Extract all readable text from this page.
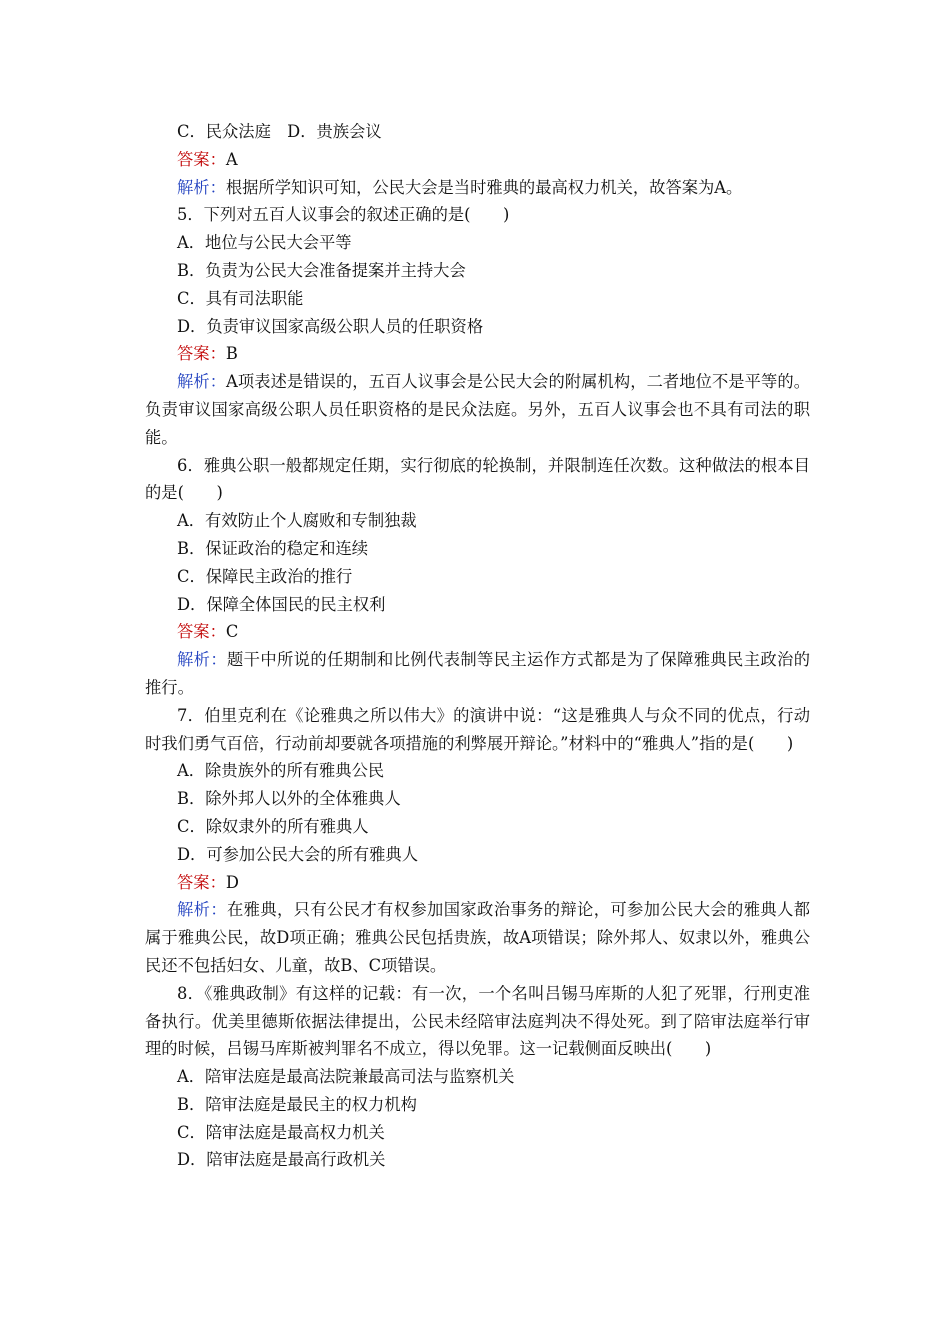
C．民众法庭　D．贵族会议
答案：A
解析：根据所学知识可知，公民大会是当时雅典的最高权力机关，故答案为A。
5．下列对五百人议事会的叙述正确的是(　　)
A．地位与公民大会平等
B．负责为公民大会准备提案并主持大会
C．具有司法职能
D．负责审议国家高级公职人员的任职资格
答案：B
解析：A项表述是错误的，五百人议事会是公民大会的附属机构，二者地位不是平等的。负责审议国家高级公职人员任职资格的是民众法庭。另外，五百人议事会也不具有司法的职能。
6．雅典公职一般都规定任期，实行彻底的轮换制，并限制连任次数。这种做法的根本目的是(　　)
A．有效防止个人腐败和专制独裁
B．保证政治的稳定和连续
C．保障民主政治的推行
D．保障全体国民的民主权利
答案：C
解析：题干中所说的任期制和比例代表制等民主运作方式都是为了保障雅典民主政治的推行。
7．伯里克利在《论雅典之所以伟大》的演讲中说：“这是雅典人与众不同的优点，行动时我们勇气百倍，行动前却要就各项措施的利弊展开辩论。”材料中的“雅典人”指的是(　　)
A．除贵族外的所有雅典公民
B．除外邦人以外的全体雅典人
C．除奴隶外的所有雅典人
D．可参加公民大会的所有雅典人
答案：D
解析：在雅典，只有公民才有权参加国家政治事务的辩论，可参加公民大会的雅典人都属于雅典公民，故D项正确；雅典公民包括贵族，故A项错误；除外邦人、奴隶以外，雅典公民还不包括妇女、儿童，故B、C项错误。
8．《雅典政制》有这样的记载：有一次，一个名叫吕锡马库斯的人犯了死罪，行刑吏准备执行。优美里德斯依据法律提出，公民未经陪审法庭判决不得处死。到了陪审法庭举行审理的时候，吕锡马库斯被判罪名不成立，得以免罪。这一记载侧面反映出(　　)
A．陪审法庭是最高法院兼最高司法与监察机关
B．陪审法庭是最民主的权力机构
C．陪审法庭是最高权力机关
D．陪审法庭是最高行政机关
